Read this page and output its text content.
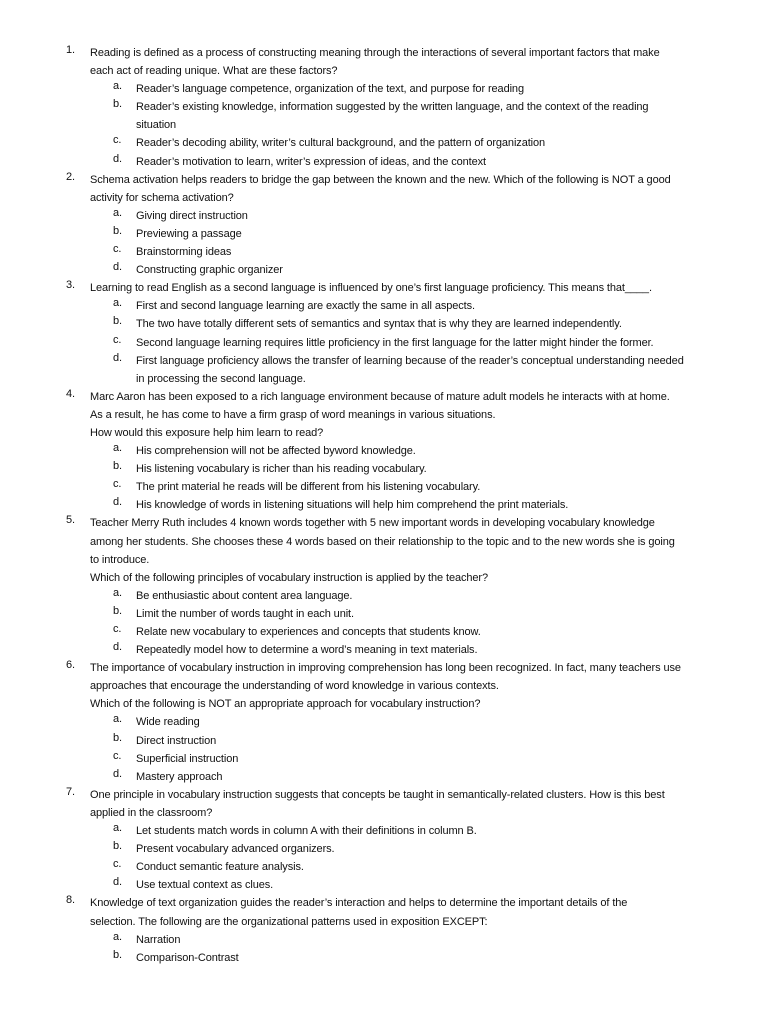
1. Reading is defined as a process of constructing meaning through the interactions of several important factors that make
each act of reading unique. What are these factors?
a. Reader’s language competence, organization of the text, and purpose for reading
b. Reader’s existing knowledge, information suggested by the written language, and the context of the reading
situation
c. Reader’s decoding ability, writer’s cultural background, and the pattern of organization
d. Reader’s motivation to learn, writer’s expression of ideas, and the context
2. Schema activation helps readers to bridge the gap between the known and the new. Which of the following is NOT a good
activity for schema activation?
a. Giving direct instruction
b. Previewing a passage
c. Brainstorming ideas
d. Constructing graphic organizer
3. Learning to read English as a second language is influenced by one’s first language proficiency. This means that____.
a. First and second language learning are exactly the same in all aspects.
b. The two have totally different sets of semantics and syntax that is why they are learned independently.
c. Second language learning requires little proficiency in the first language for the latter might hinder the former.
d. First language proficiency allows the transfer of learning because of the reader’s conceptual understanding needed
in processing the second language.
4. Marc Aaron has been exposed to a rich language environment because of mature adult models he interacts with at home.
As a result, he has come to have a firm grasp of word meanings in various situations.
How would this exposure help him learn to read?
a. His comprehension will not be affected byword knowledge.
b. His listening vocabulary is richer than his reading vocabulary.
c. The print material he reads will be different from his listening vocabulary.
d. His knowledge of words in listening situations will help him comprehend the print materials.
5. Teacher Merry Ruth includes 4 known words together with 5 new important words in developing vocabulary knowledge
among her students. She chooses these 4 words based on their relationship to the topic and to the new words she is going
to introduce.
Which of the following principles of vocabulary instruction is applied by the teacher?
a. Be enthusiastic about content area language.
b. Limit the number of words taught in each unit.
c. Relate new vocabulary to experiences and concepts that students know.
d. Repeatedly model how to determine a word’s meaning in text materials.
6. The importance of vocabulary instruction in improving comprehension has long been recognized. In fact, many teachers use
approaches that encourage the understanding of word knowledge in various contexts.
Which of the following is NOT an appropriate approach for vocabulary instruction?
a. Wide reading
b. Direct instruction
c. Superficial instruction
d. Mastery approach
7. One principle in vocabulary instruction suggests that concepts be taught in semantically-related clusters. How is this best
applied in the classroom?
a. Let students match words in column A with their definitions in column B.
b. Present vocabulary advanced organizers.
c. Conduct semantic feature analysis.
d. Use textual context as clues.
8. Knowledge of text organization guides the reader’s interaction and helps to determine the important details of the
selection. The following are the organizational patterns used in exposition EXCEPT:
a. Narration
b. Comparison-Contrast
